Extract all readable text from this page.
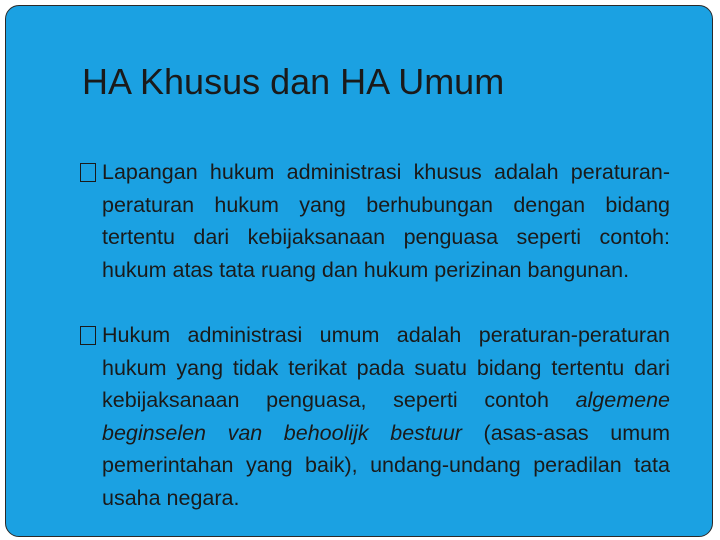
HA Khusus dan HA Umum

Lapangan hukum administrasi khusus adalah peraturan-peraturan hukum yang berhubungan dengan bidang tertentu dari kebijaksanaan penguasa seperti contoh: hukum atas tata ruang dan hukum perizinan bangunan.

Hukum administrasi umum adalah peraturan-peraturan hukum yang tidak terikat pada suatu bidang tertentu dari kebijaksanaan penguasa, seperti contoh algemene beginselen van behoolijk bestuur (asas-asas umum pemerintahan yang baik), undang-undang peradilan tata usaha negara.
